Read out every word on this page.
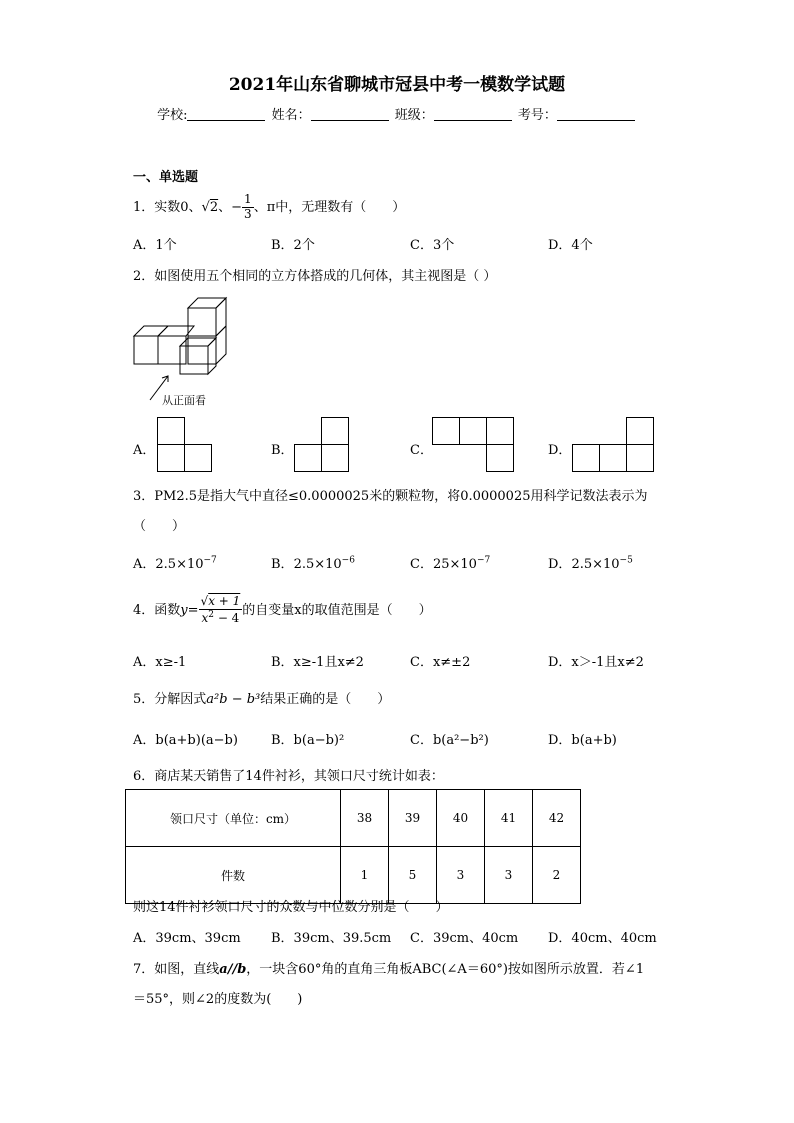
2021年山东省聊城市冠县中考一模数学试题
学校:	姓名：	班级：	考号：
一、单选题
1．实数0、√2、− $\frac{1}{3}$ 、π中，无理数有（　　）
A．1个	B．2个	C．3个	D．4个
2．如图使用五个相同的立方体搭成的几何体，其主视图是（ ）
从正面看
A．	B．	C．	D．
3．PM2.5是指大气中直径≤0.0000025米的颗粒物，将0.0000025用科学记数法表示为
（　　）
A．$2.5\times 10^{-7}$	B．$2.5\times 10^{-6}$	C．$25\times 10^{-7}$	D．$2.5\times 10^{-5}$
4．函数$y= \frac{√x + 1}{x^2 - 4}$ 的自变量x的取值范围是（　　）
A．x≥-1	B．x≥-1且x≠2	C．x≠±2	D．x＞-1且x≠2
5．分解因式a²b − b³结果正确的是（　　）
A．b(a+b)(a−b)	B．b(a−b)²	C．b(a²−b²)	D．b(a+b)
6．商店某天销售了14件衬衫，其领口尺寸统计如表：
领口尺寸（单位：cm）	38	39	40	41	42
件数	1	5	3	3	2
则这14件衬衫领口尺寸的众数与中位数分别是（　　）
A．39cm、39cm B．39cm、39.5cm C．39cm、40cm D．40cm、40cm
7．如图，直线a//b，一块含60°角的直角三角板ABC(∠A＝60°)按如图所示放置．若∠1
＝55°，则∠2的度数为(　　)
